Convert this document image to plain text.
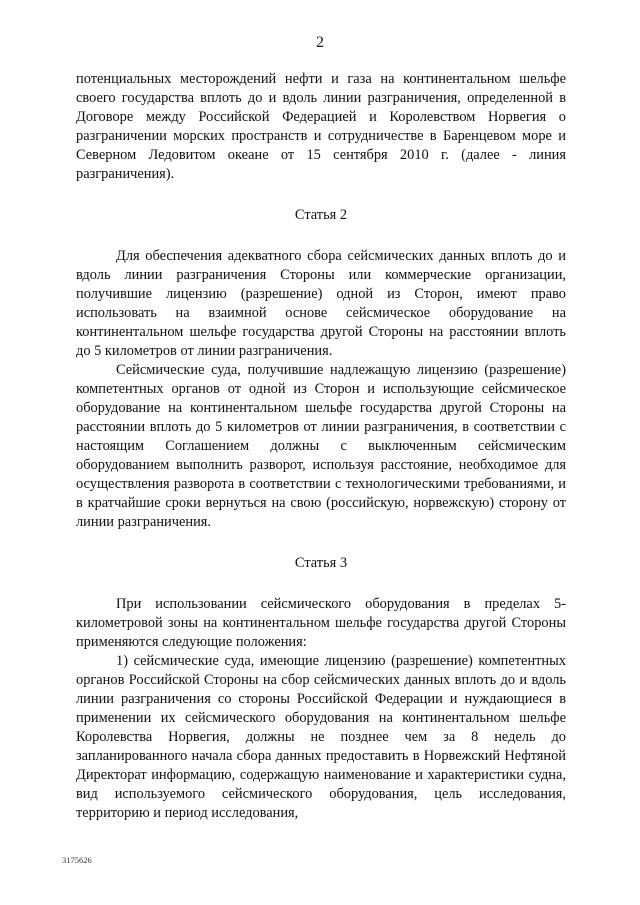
2

потенциальных месторождений нефти и газа на континентальном шельфе своего государства вплоть до и вдоль линии разграничения, определенной в Договоре между Российской Федерацией и Королевством Норвегия о разграничении морских пространств и сотрудничестве в Баренцевом море и Северном Ледовитом океане от 15 сентября 2010 г. (далее - линия разграничения).

Статья 2

Для обеспечения адекватного сбора сейсмических данных вплоть до и вдоль линии разграничения Стороны или коммерческие организации, получившие лицензию (разрешение) одной из Сторон, имеют право использовать на взаимной основе сейсмическое оборудование на континентальном шельфе государства другой Стороны на расстоянии вплоть до 5 километров от линии разграничения.

Сейсмические суда, получившие надлежащую лицензию (разрешение) компетентных органов от одной из Сторон и использующие сейсмическое оборудование на континентальном шельфе государства другой Стороны на расстоянии вплоть до 5 километров от линии разграничения, в соответствии с настоящим Соглашением должны с выключенным сейсмическим оборудованием выполнить разворот, используя расстояние, необходимое для осуществления разворота в соответствии с технологическими требованиями, и в кратчайшие сроки вернуться на свою (российскую, норвежскую) сторону от линии разграничения.

Статья 3

При использовании сейсмического оборудования в пределах 5-километровой зоны на континентальном шельфе государства другой Стороны применяются следующие положения:

1) сейсмические суда, имеющие лицензию (разрешение) компетентных органов Российской Стороны на сбор сейсмических данных вплоть до и вдоль линии разграничения со стороны Российской Федерации и нуждающиеся в применении их сейсмического оборудования на континентальном шельфе Королевства Норвегия, должны не позднее чем за 8 недель до запланированного начала сбора данных предоставить в Норвежский Нефтяной Директорат информацию, содержащую наименование и характеристики судна, вид используемого сейсмического оборудования, цель исследования, территорию и период исследования,

3175626
